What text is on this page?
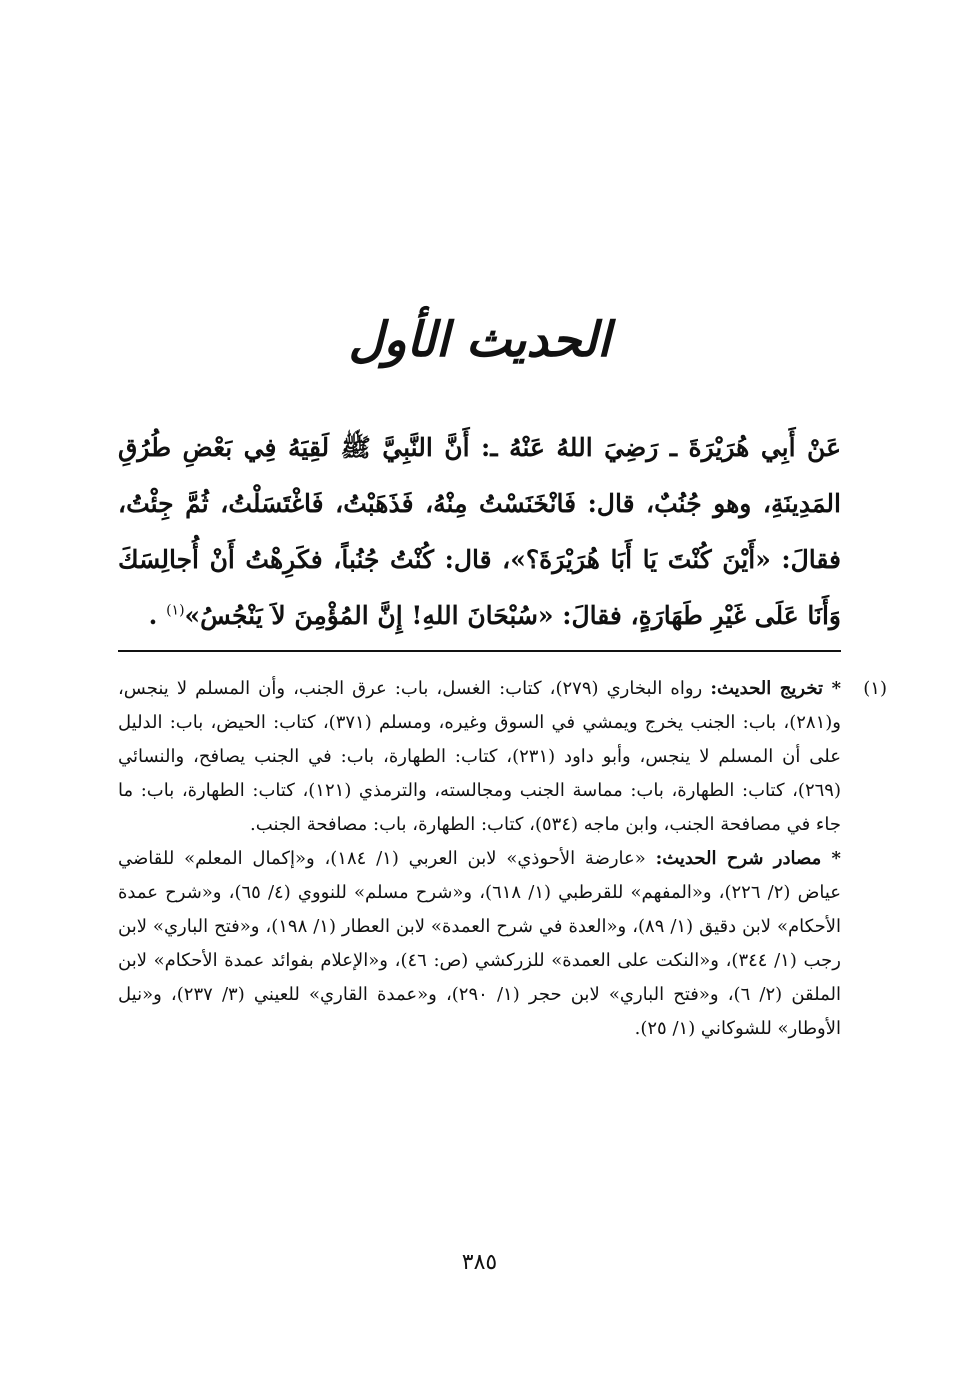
الحديث الأول

عَنْ أَبِي هُرَيْرَةَ ـ رَضِيَ اللهُ عَنْهُ ـ: أَنَّ النَّبِيَّ ﷺ لَقِيَهُ فِي بَعْضِ طُرُقِ المَدِينَةِ، وهو جُنُبٌ، قال: فَانْخَنَسْتُ مِنْهُ، فَذَهَبْتُ، فَاغْتَسَلْتُ، ثُمَّ جِئْتُ، فقالَ: «أَيْنَ كُنْتَ يَا أَبَا هُرَيْرَةَ؟»، قال: كُنْتُ جُنُباً، فكَرِهْتُ أَنْ أُجالِسَكَ وَأَنَا عَلَى غَيْرِ طَهَارَةٍ، فقالَ: «سُبْحَانَ اللهِ! إِنَّ المُؤْمِنَ لاَ يَنْجُسُ»$^{(١)}$ .

(١)

* تخريج الحديث: رواه البخاري (٢٧٩)، كتاب: الغسل، باب: عرق الجنب، وأن المسلم لا ينجس، و(٢٨١)، باب: الجنب يخرج ويمشي في السوق وغيره، ومسلم (٣٧١)، كتاب: الحيض، باب: الدليل على أن المسلم لا ينجس، وأبو داود (٢٣١)، كتاب: الطهارة، باب: في الجنب يصافح، والنسائي (٢٦٩)، كتاب: الطهارة، باب: مماسة الجنب ومجالسته، والترمذي (١٢١)، كتاب: الطهارة، باب: ما جاء في مصافحة الجنب، وابن ماجه (٥٣٤)، كتاب: الطهارة، باب: مصافحة الجنب.

* مصادر شرح الحديث: «عارضة الأحوذي» لابن العربي (١/ ١٨٤)، و«إكمال المعلم» للقاضي عياض (٢/ ٢٢٦)، و«المفهم» للقرطبي (١/ ٦١٨)، و«شرح مسلم» للنووي (٤/ ٦٥)، و«شرح عمدة الأحكام» لابن دقيق (١/ ٨٩)، و«العدة في شرح العمدة» لابن العطار (١/ ١٩٨)، و«فتح الباري» لابن رجب (١/ ٣٤٤)، و«النكت على العمدة» للزركشي (ص: ٤٦)، و«الإعلام بفوائد عمدة الأحكام» لابن الملقن (٢/ ٦)، و«فتح الباري» لابن حجر (١/ ٢٩٠)، و«عمدة القاري» للعيني (٣/ ٢٣٧)، و«نيل الأوطار» للشوكاني (١/ ٢٥).

٣٨٥
